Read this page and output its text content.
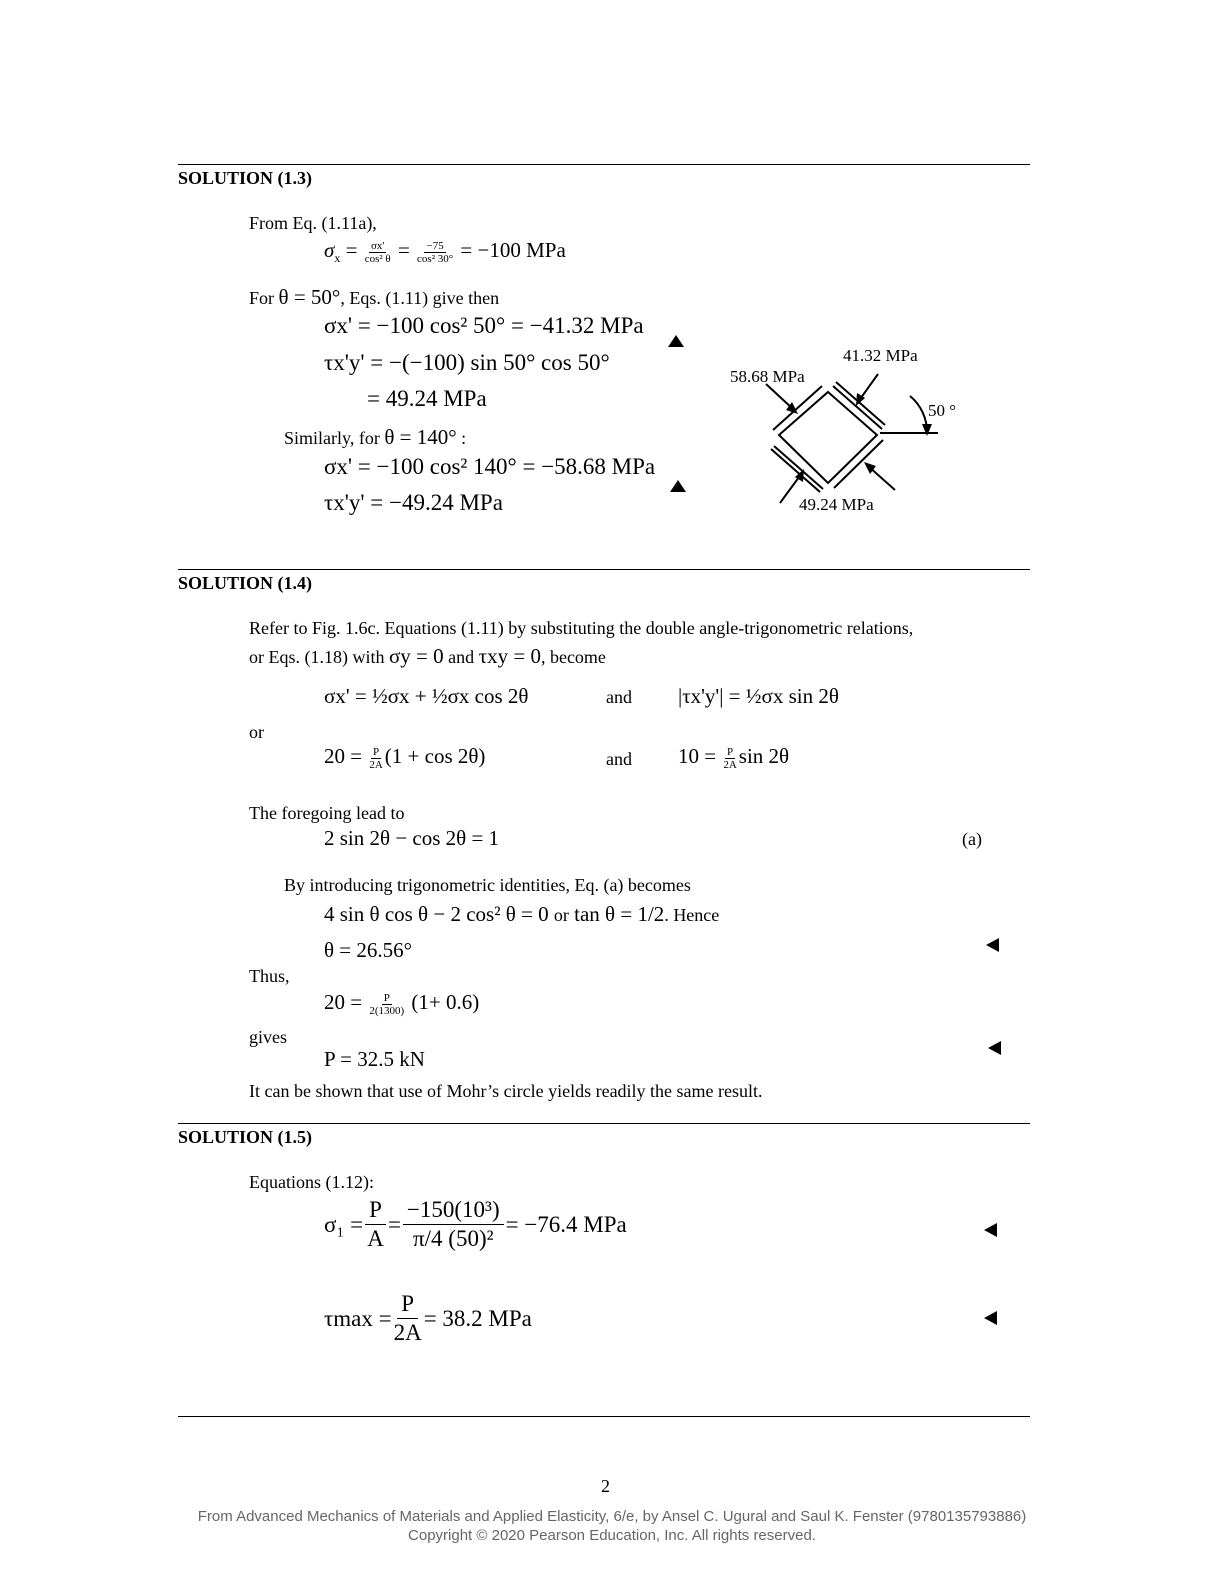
SOLUTION (1.3)
From Eq. (1.11a),
$\sigma_x = \frac{\sigma x'}{\text{cos² θ}} = \frac{-75}{\text{cos² 30°}} = -100$ MPa
For θ = 50°, Eqs. (1.11) give then
σx' = −100 cos² 50° = −41.32 MPa
τx'y' = −(−100) sin 50° cos 50°
= 49.24 MPa
Similarly, for θ = 140° :
σx' = −100 cos² 140° = −58.68 MPa
τx'y' = −49.24 MPa
41.32 MPa
58.68 MPa
50 °
49.24 MPa
SOLUTION (1.4)
Refer to Fig. 1.6c. Equations (1.11) by substituting the double angle-trigonometric relations,
or Eqs. (1.18) with σy = 0 and τxy = 0, become
σx' = ½σx + ½σx cos 2θ	and |τx'y'| = ½σx sin 2θ
or
$20 = \frac{P}{2A} (1 + \cos 2\theta)$	and $10 = \frac{P}{2A}$ sin 2θ
The foregoing lead to
2 sin 2θ − cos 2θ = 1	(a)
By introducing trigonometric identities, Eq. (a) becomes
4 sin θ cos θ − 2 cos² θ = 0 or tan θ = 1/2. Hence
θ = 26.56°
Thus,
$20 = \frac{P}{2(1300)} (1+ 0.6)$
gives
P = 32.5 kN
It can be shown that use of Mohr’s circle yields readily the same result.
SOLUTION (1.5)
Equations (1.12):
$\sigma_1 = \frac{P}{A} = \frac{\text{−150(10³)}}{\text{π/4 (50)²}} = -76.4$ MPa
$\tau\max = \frac{P}{2A} = 38.2$ MPa
2
From Advanced Mechanics of Materials and Applied Elasticity, 6/e, by Ansel C. Ugural and Saul K. Fenster (9780135793886)
Copyright © 2020 Pearson Education, Inc. All rights reserved.
